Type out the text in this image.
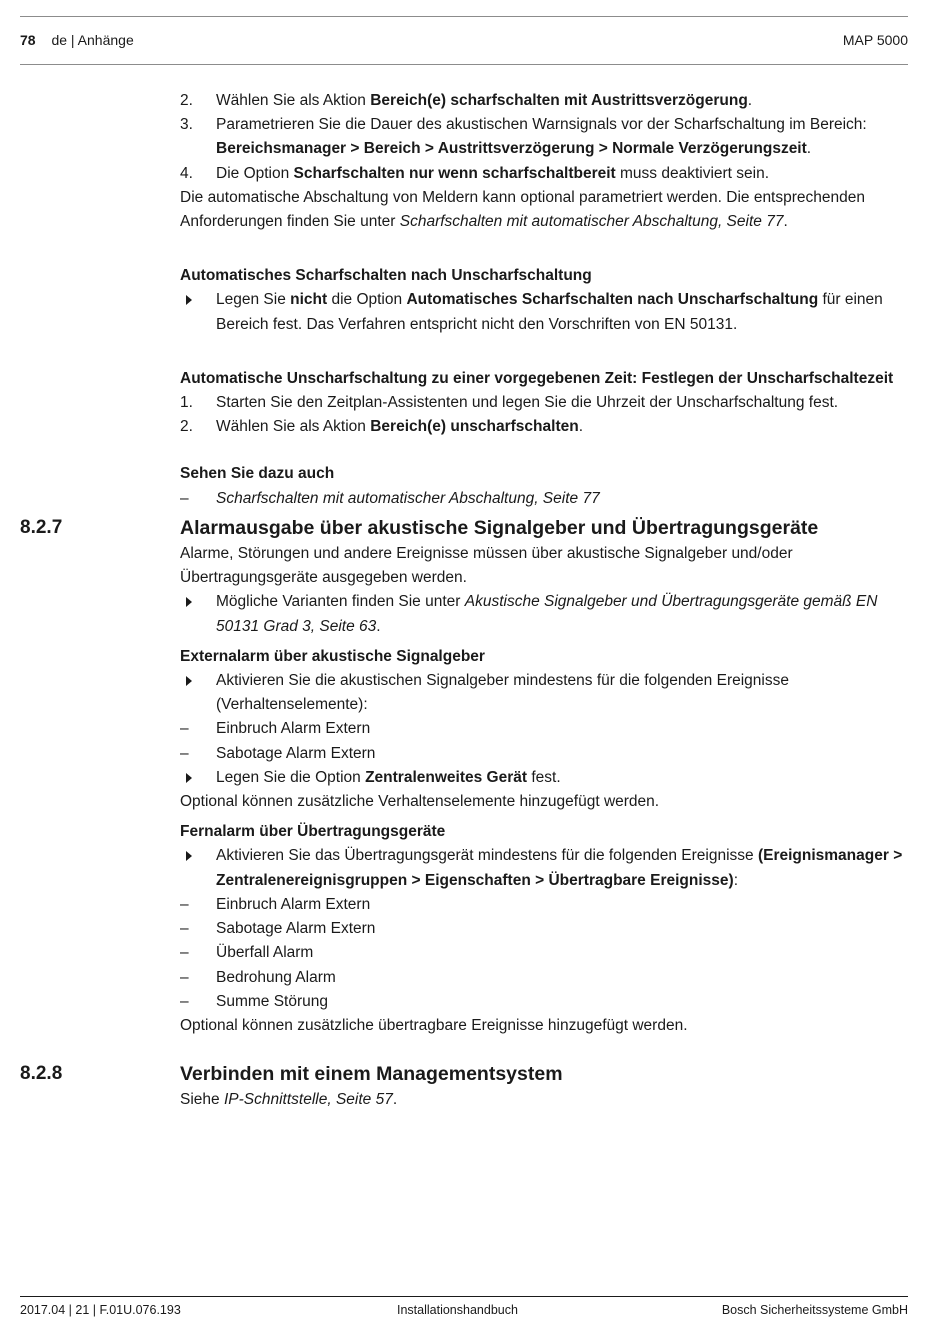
78 de | Anhänge	MAP 5000
2. Wählen Sie als Aktion Bereich(e) scharfschalten mit Austrittsverzögerung.
3. Parametrieren Sie die Dauer des akustischen Warnsignals vor der Scharfschaltung im Bereich: Bereichsmanager > Bereich > Austrittsverzögerung > Normale Verzögerungszeit.
4. Die Option Scharfschalten nur wenn scharfschaltbereit muss deaktiviert sein.

Die automatische Abschaltung von Meldern kann optional parametriert werden. Die entsprechenden Anforderungen finden Sie unter Scharfschalten mit automatischer Abschaltung, Seite 77.

Automatisches Scharfschalten nach Unscharfschaltung
Legen Sie nicht die Option Automatisches Scharfschalten nach Unscharfschaltung für einen Bereich fest. Das Verfahren entspricht nicht den Vorschriften von EN 50131.
Automatische Unscharfschaltung zu einer vorgegebenen Zeit: Festlegen der Unscharfschaltezeit
1. Starten Sie den Zeitplan-Assistenten und legen Sie die Uhrzeit der Unscharfschaltung fest.
2. Wählen Sie als Aktion Bereich(e) unscharfschalten.
Sehen Sie dazu auch
– Scharfschalten mit automatischer Abschaltung, Seite 77
8.2.7	Alarmausgabe über akustische Signalgeber und Übertragungsgeräte

Alarme, Störungen und andere Ereignisse müssen über akustische Signalgeber und/oder Übertragungsgeräte ausgegeben werden.

Mögliche Varianten finden Sie unter Akustische Signalgeber und Übertragungsgeräte gemäß EN 50131 Grad 3, Seite 63.
Externalarm über akustische Signalgeber
Aktivieren Sie die akustischen Signalgeber mindestens für die folgenden Ereignisse (Verhaltenselemente):
– Einbruch Alarm Extern
– Sabotage Alarm Extern
Legen Sie die Option Zentralenweites Gerät fest.

Optional können zusätzliche Verhaltenselemente hinzugefügt werden.

Fernalarm über Übertragungsgeräte
Aktivieren Sie das Übertragungsgerät mindestens für die folgenden Ereignisse (Ereignismanager > Zentralenereignisgruppen > Eigenschaften > Übertragbare Ereignisse):
– Einbruch Alarm Extern
– Sabotage Alarm Extern
– Überfall Alarm
– Bedrohung Alarm
– Summe Störung

Optional können zusätzliche übertragbare Ereignisse hinzugefügt werden.

8.2.8	Verbinden mit einem Managementsystem

Siehe IP-Schnittstelle, Seite 57.

2017.04 | 21 | F.01U.076.193	Installationshandbuch	Bosch Sicherheitssysteme GmbH
